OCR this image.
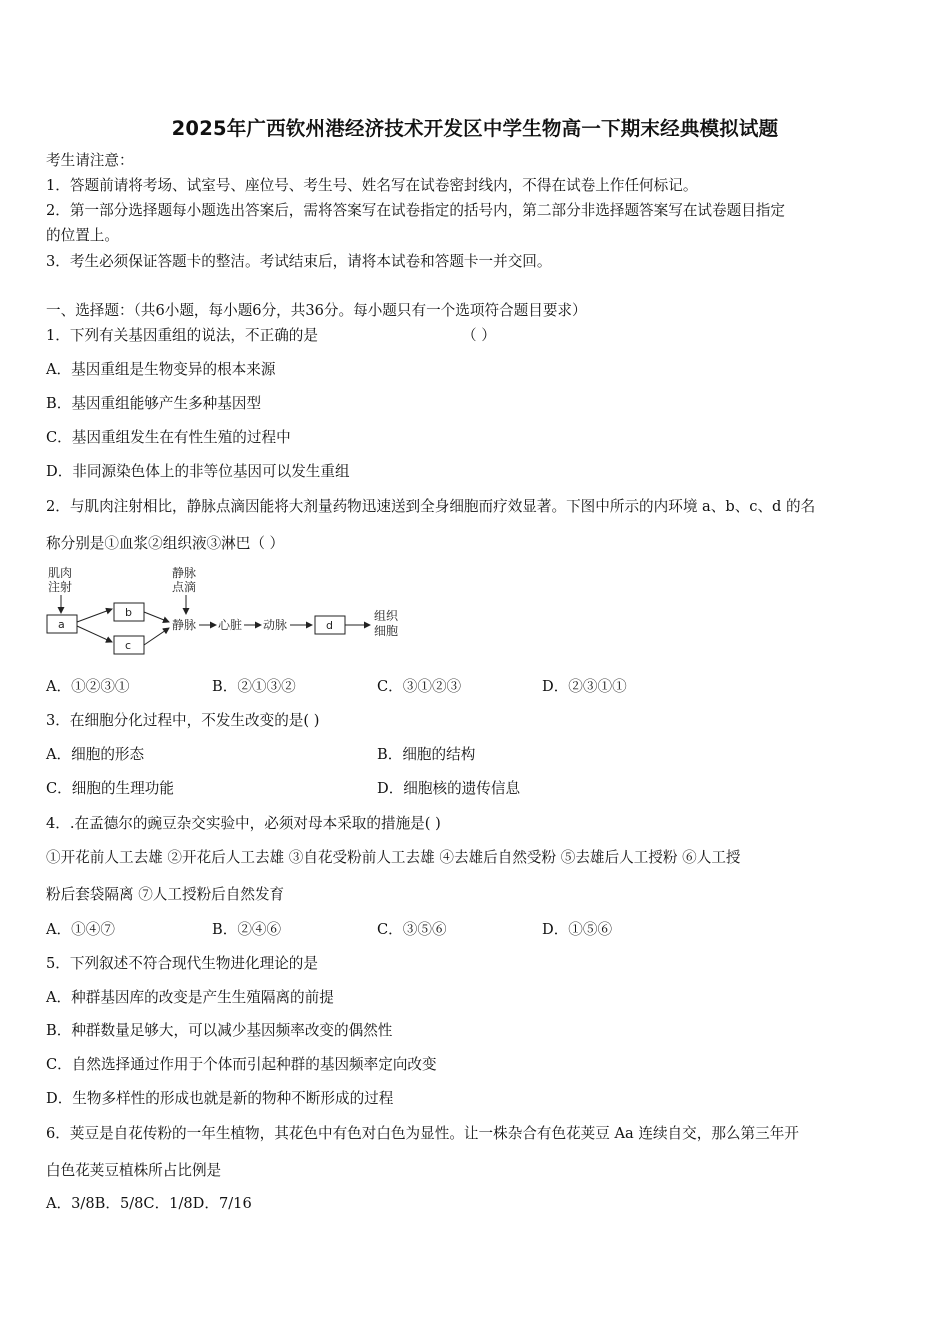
2025年广西钦州港经济技术开发区中学生物高一下期末经典模拟试题
考生请注意：
1．答题前请将考场、试室号、座位号、考生号、姓名写在试卷密封线内，不得在试卷上作任何标记。
2．第一部分选择题每小题选出答案后，需将答案写在试卷指定的括号内，第二部分非选择题答案写在试卷题目指定
的位置上。
3．考生必须保证答题卡的整洁。考试结束后，请将本试卷和答题卡一并交回。
一、选择题：（共6小题，每小题6分，共36分。每小题只有一个选项符合题目要求）
1．下列有关基因重组的说法，不正确的是	（ ）
A．基因重组是生物变异的根本来源
B．基因重组能够产生多种基因型
C．基因重组发生在有性生殖的过程中
D．非同源染色体上的非等位基因可以发生重组
2．与肌肉注射相比，静脉点滴因能将大剂量药物迅速送到全身细胞而疗效显著。下图中所示的内环境 a、b、c、d 的名
称分别是①血浆②组织液③淋巴（ ）
肌肉
注射
a
b
c
静脉
点滴
静脉 心脏 动脉	d
组织
细胞
A．①②③①	B．②①③②	C．③①②③	D．②③①①
3．在细胞分化过程中，不发生改变的是( )
A．细胞的形态	B．细胞的结构
C．细胞的生理功能	D．细胞核的遗传信息
4．.在孟德尔的豌豆杂交实验中，必须对母本采取的措施是( )
①开花前人工去雄 ②开花后人工去雄 ③自花受粉前人工去雄 ④去雄后自然受粉 ⑤去雄后人工授粉 ⑥人工授
粉后套袋隔离 ⑦人工授粉后自然发育
A．①④⑦	B．②④⑥	C．③⑤⑥	D．①⑤⑥
5．下列叙述不符合现代生物进化理论的是
A．种群基因库的改变是产生生殖隔离的前提
B．种群数量足够大，可以减少基因频率改变的偶然性
C．自然选择通过作用于个体而引起种群的基因频率定向改变
D．生物多样性的形成也就是新的物种不断形成的过程
6．荚豆是自花传粉的一年生植物，其花色中有色对白色为显性。让一株杂合有色花荚豆 Aa 连续自交，那么第三年开
白色花荚豆植株所占比例是
A．3/8B．5/8C．1/8D．7/16
